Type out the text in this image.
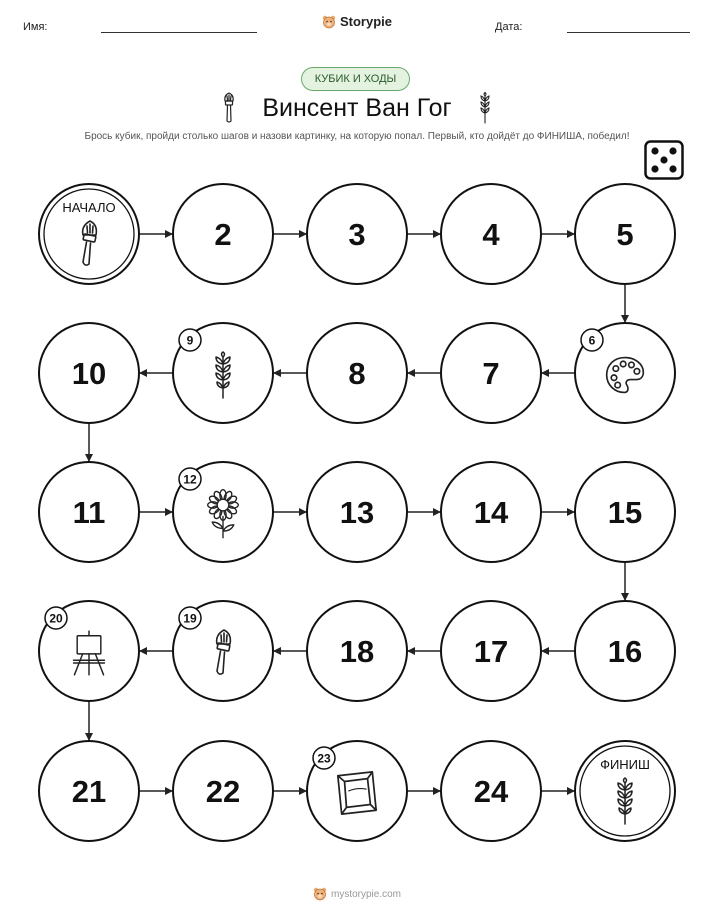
Имя:	Storypie	Дата:
КУБИК И ХОДЫ
Винсент Ван Гог
Брось кубик, пройди столько шагов и назови картинку, на которую попал. Первый, кто дойдёт до ФИНИША, победил!
НАЧАЛО
2	3	4	5
6
7
8
9
10
11
12
13	14	15
16
17
18
19
20
21	22
23
24
ФИНИШ
mystorypie.com
